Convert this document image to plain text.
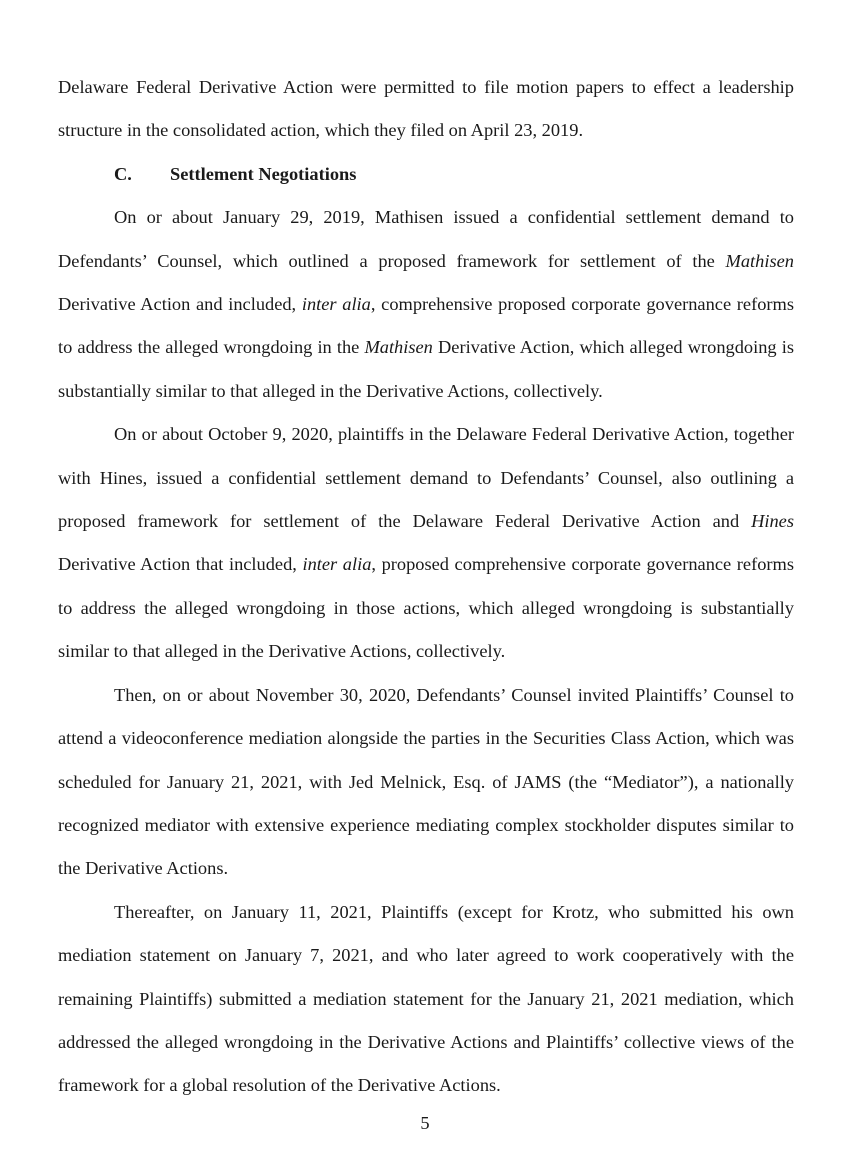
Delaware Federal Derivative Action were permitted to file motion papers to effect a leadership structure in the consolidated action, which they filed on April 23, 2019.

C. Settlement Negotiations

On or about January 29, 2019, Mathisen issued a confidential settlement demand to Defendants’ Counsel, which outlined a proposed framework for settlement of the Mathisen Derivative Action and included, inter alia, comprehensive proposed corporate governance reforms to address the alleged wrongdoing in the Mathisen Derivative Action, which alleged wrongdoing is substantially similar to that alleged in the Derivative Actions, collectively.

On or about October 9, 2020, plaintiffs in the Delaware Federal Derivative Action, together with Hines, issued a confidential settlement demand to Defendants’ Counsel, also outlining a proposed framework for settlement of the Delaware Federal Derivative Action and Hines Derivative Action that included, inter alia, proposed comprehensive corporate governance reforms to address the alleged wrongdoing in those actions, which alleged wrongdoing is substantially similar to that alleged in the Derivative Actions, collectively.

Then, on or about November 30, 2020, Defendants’ Counsel invited Plaintiffs’ Counsel to attend a videoconference mediation alongside the parties in the Securities Class Action, which was scheduled for January 21, 2021, with Jed Melnick, Esq. of JAMS (the “Mediator”), a nationally recognized mediator with extensive experience mediating complex stockholder disputes similar to the Derivative Actions.

Thereafter, on January 11, 2021, Plaintiffs (except for Krotz, who submitted his own mediation statement on January 7, 2021, and who later agreed to work cooperatively with the remaining Plaintiffs) submitted a mediation statement for the January 21, 2021 mediation, which addressed the alleged wrongdoing in the Derivative Actions and Plaintiffs’ collective views of the framework for a global resolution of the Derivative Actions.

5
